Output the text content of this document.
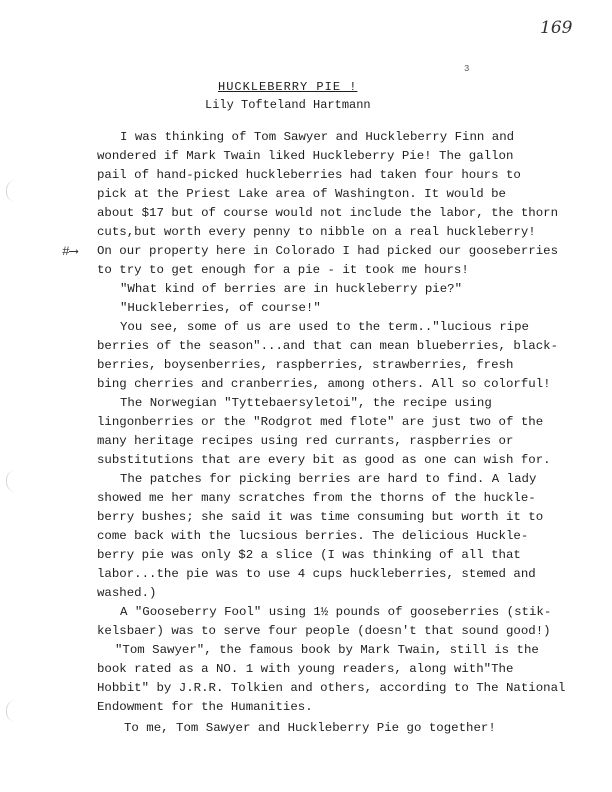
169
3
HUCKLEBERRY PIE !
Lily Tofteland Hartmann
#⟶
I was thinking of Tom Sawyer and Huckleberry Finn and
wondered if Mark Twain liked Huckleberry Pie! The gallon
pail of hand-picked huckleberries had taken four hours to
pick at the Priest Lake area of Washington. It would be
about $17 but of course would not include the labor, the thorn
cuts,but worth every penny to nibble on a real huckleberry!
On our property here in Colorado I had picked our gooseberries
to try to get enough for a pie - it took me hours!
"What kind of berries are in huckleberry pie?"
"Huckleberries, of course!"
You see, some of us are used to the term.."lucious ripe
berries of the season"...and that can mean blueberries, black-
berries, boysenberries, raspberries, strawberries, fresh
bing cherries and cranberries, among others. All so colorful!
The Norwegian "Tyttebaersyletoi", the recipe using
lingonberries or the "Rodgrot med flote" are just two of the
many heritage recipes using red currants, raspberries or
substitutions that are every bit as good as one can wish for.
The patches for picking berries are hard to find. A lady
showed me her many scratches from the thorns of the huckle-
berry bushes; she said it was time consuming but worth it to
come back with the lucsious berries. The delicious Huckle-
berry pie was only $2 a slice (I was thinking of all that
labor...the pie was to use 4 cups huckleberries, stemed and
washed.)
A "Gooseberry Fool" using 1½ pounds of gooseberries (stik-
kelsbaer) was to serve four people (doesn't that sound good!)
"Tom Sawyer", the famous book by Mark Twain, still is the
book rated as a NO. 1 with young readers, along with"The
Hobbit" by J.R.R. Tolkien and others, according to The National
Endowment for the Humanities.
To me, Tom Sawyer and Huckleberry Pie go together!
